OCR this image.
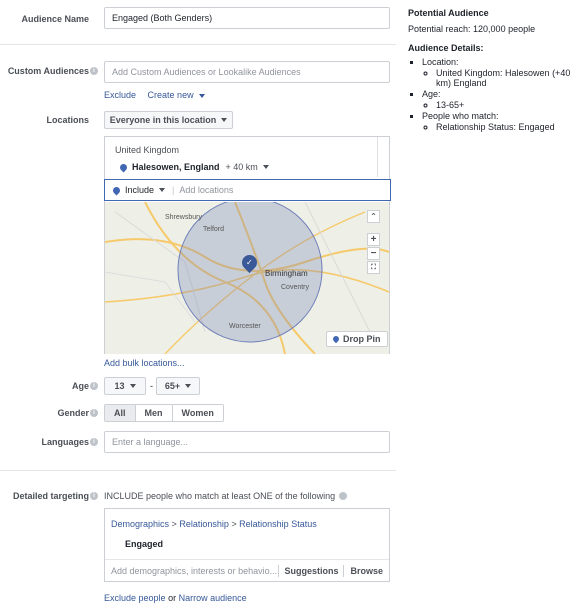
Audience Name	Engaged (Both Genders)
Custom Audiences i	Add Custom Audiences or Lookalike Audiences
Exclude Create new
Locations Everyone in this location
United Kingdom
Halesowen, England + 40 km
Include | Add locations
Shrewsbury
Telford
Birmingham
Coventry
Worcester
✓
⌃
+
−
⛶
Drop Pin
Add bulk locations...
Age i	13	- 65+
Gender i	All	Men	Women
Languages i	Enter a language...
Detailed targeting i	INCLUDE people who match at least ONE of the following
Demographics > Relationship > Relationship Status
Engaged
Add demographics, interests or behavio... Suggestions	Browse
Exclude people or Narrow audience
Potential Audience
Potential reach: 120,000 people
Audience Details:
▪ Location:
◦ United Kingdom: Halesowen (+40 km) England
▪ Age:
◦ 13-65+
▪ People who match:
◦ Relationship Status: Engaged
